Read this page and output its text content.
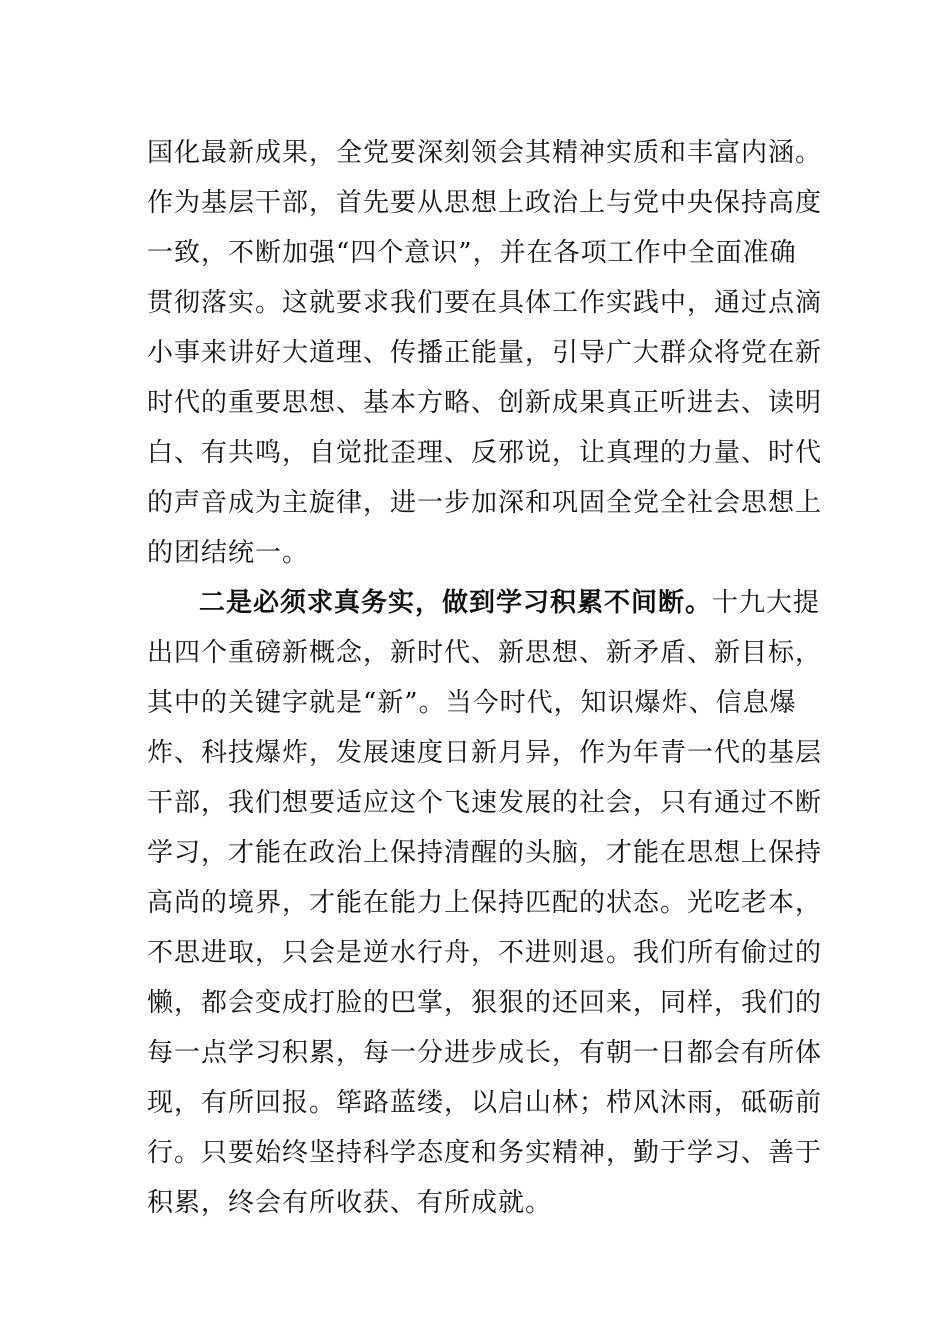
国化最新成果，全党要深刻领会其精神实质和丰富内涵。
作为基层干部，首先要从思想上政治上与党中央保持高度
一致，不断加强“四个意识”，并在各项工作中全面准确
贯彻落实。这就要求我们要在具体工作实践中，通过点滴
小事来讲好大道理、传播正能量，引导广大群众将党在新
时代的重要思想、基本方略、创新成果真正听进去、读明
白、有共鸣，自觉批歪理、反邪说，让真理的力量、时代
的声音成为主旋律，进一步加深和巩固全党全社会思想上
的团结统一。
二是必须求真务实，做到学习积累不间断。十九大提
出四个重磅新概念，新时代、新思想、新矛盾、新目标，
其中的关键字就是“新”。当今时代，知识爆炸、信息爆
炸、科技爆炸，发展速度日新月异，作为年青一代的基层
干部，我们想要适应这个飞速发展的社会，只有通过不断
学习，才能在政治上保持清醒的头脑，才能在思想上保持
高尚的境界，才能在能力上保持匹配的状态。光吃老本，
不思进取，只会是逆水行舟，不进则退。我们所有偷过的
懒，都会变成打脸的巴掌，狠狠的还回来，同样，我们的
每一点学习积累，每一分进步成长，有朝一日都会有所体
现，有所回报。筚路蓝缕，以启山林；栉风沐雨，砥砺前
行。只要始终坚持科学态度和务实精神，勤于学习、善于
积累，终会有所收获、有所成就。
